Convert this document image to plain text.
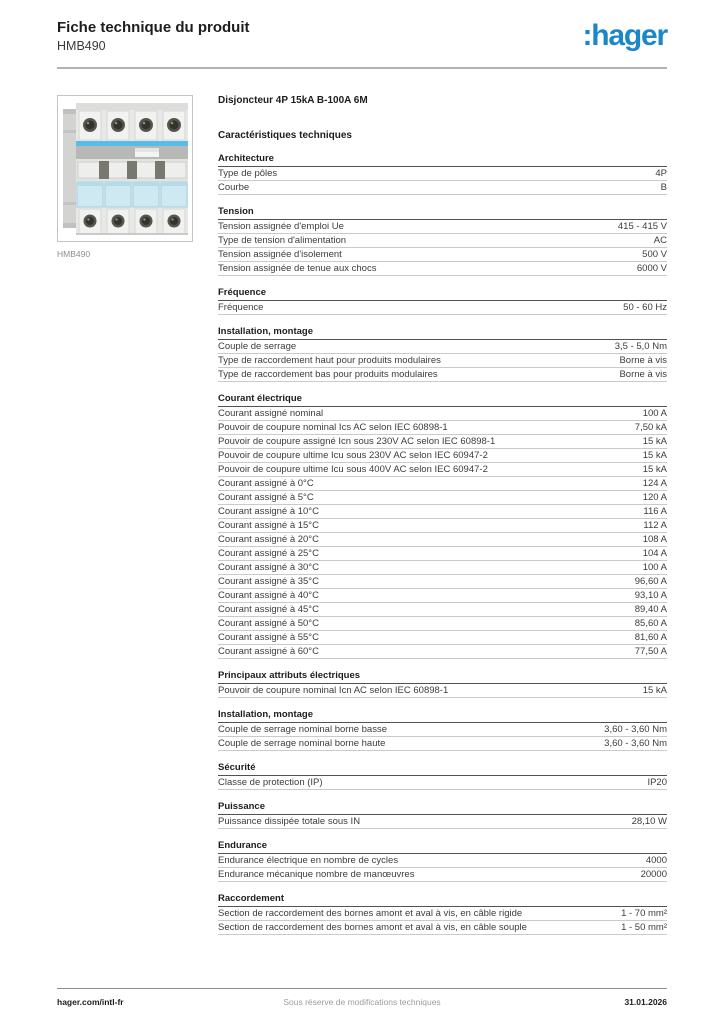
Fiche technique du produit
HMB490	:hager
HMB490
Disjoncteur 4P 15kA B-100A 6M
Caractéristiques techniques
Architecture
Type de pôles	4P
Courbe	B
Tension
Tension assignée d'emploi Ue	415 - 415 V
Type de tension d'alimentation	AC
Tension assignée d'isolement	500 V
Tension assignée de tenue aux chocs	6000 V
Fréquence
Fréquence	50 - 60 Hz
Installation, montage
Couple de serrage	3,5 - 5,0 Nm
Type de raccordement haut pour produits modulaires	Borne à vis
Type de raccordement bas pour produits modulaires	Borne à vis
Courant électrique
Courant assigné nominal	100 A
Pouvoir de coupure nominal Ics AC selon IEC 60898-1	7,50 kA
Pouvoir de coupure assigné Icn sous 230V AC selon IEC 60898-1	15 kA
Pouvoir de coupure ultime Icu sous 230V AC selon IEC 60947-2	15 kA
Pouvoir de coupure ultime Icu sous 400V AC selon IEC 60947-2	15 kA
Courant assigné à 0°C	124 A
Courant assigné à 5°C	120 A
Courant assigné à 10°C	116 A
Courant assigné à 15°C	112 A
Courant assigné à 20°C	108 A
Courant assigné à 25°C	104 A
Courant assigné à 30°C	100 A
Courant assigné à 35°C	96,60 A
Courant assigné à 40°C	93,10 A
Courant assigné à 45°C	89,40 A
Courant assigné à 50°C	85,60 A
Courant assigné à 55°C	81,60 A
Courant assigné à 60°C	77,50 A
Principaux attributs électriques
Pouvoir de coupure nominal Icn AC selon IEC 60898-1	15 kA
Installation, montage
Couple de serrage nominal borne basse	3,60 - 3,60 Nm
Couple de serrage nominal borne haute	3,60 - 3,60 Nm
Sécurité
Classe de protection (IP)	IP20
Puissance
Puissance dissipée totale sous IN	28,10 W
Endurance
Endurance électrique en nombre de cycles	4000
Endurance mécanique nombre de manœuvres	20000
Raccordement
Section de raccordement des bornes amont et aval à vis, en câble rigide	1 - 70 mm²
Section de raccordement des bornes amont et aval à vis, en câble souple	1 - 50 mm²
hager.com/intl-fr	Sous réserve de modifications techniques	31.01.2026
